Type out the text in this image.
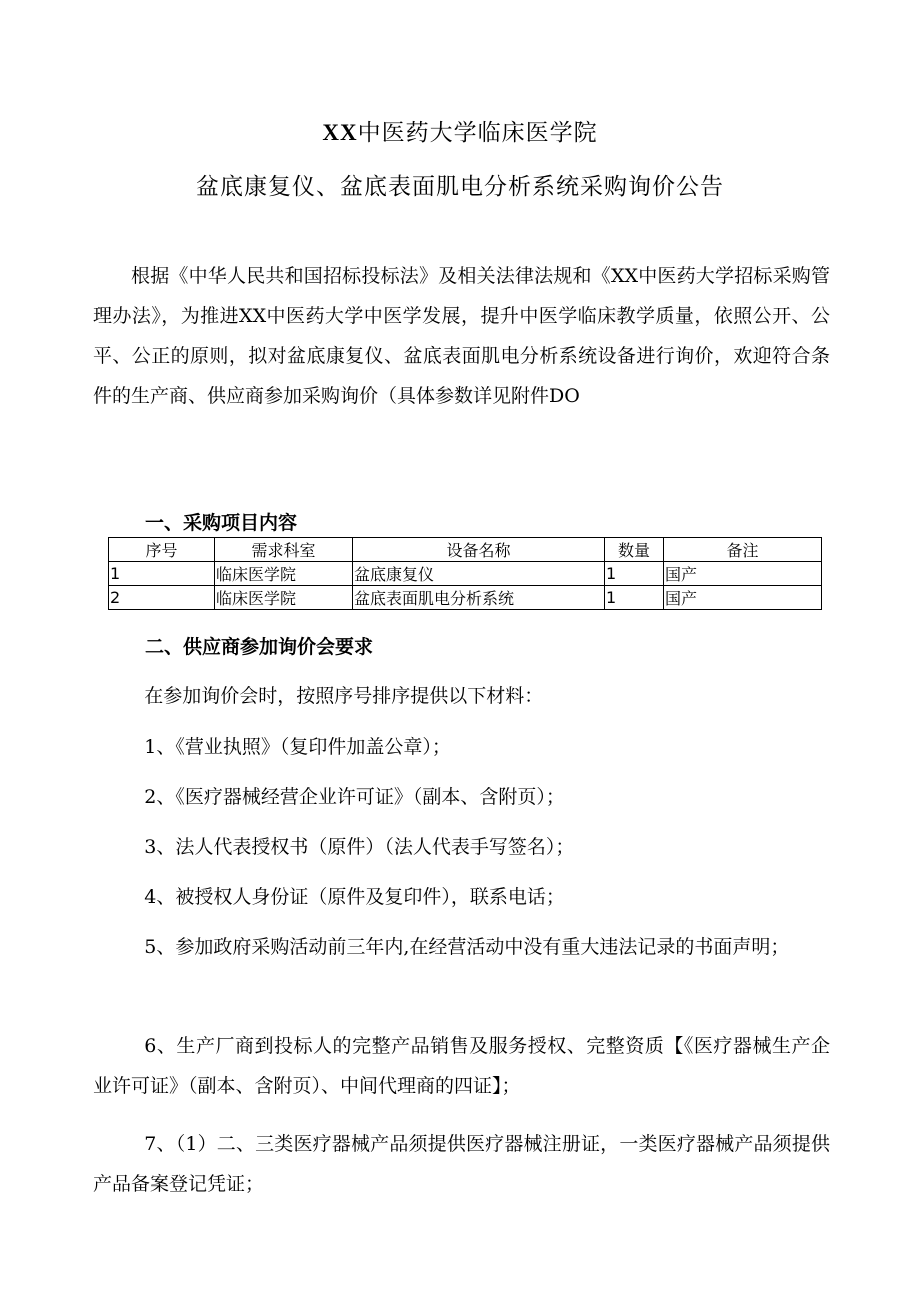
XX中医药大学临床医学院
盆底康复仪、盆底表面肌电分析系统采购询价公告
根据《中华人民共和国招标投标法》及相关法律法规和《XX中医药大学招标采购管理办法》，为推进XX中医药大学中医学发展，提升中医学临床教学质量，依照公开、公平、公正的原则，拟对盆底康复仪、盆底表面肌电分析系统设备进行询价，欢迎符合条件的生产商、供应商参加采购询价（具体参数详见附件DO
一、采购项目内容
序号	需求科室	设备名称	数量	备注
1	临床医学院	盆底康复仪	1	国产
2	临床医学院	盆底表面肌电分析系统	1	国产
二、供应商参加询价会要求
在参加询价会时，按照序号排序提供以下材料：
1、《营业执照》（复印件加盖公章）；
2、《医疗器械经营企业许可证》（副本、含附页）；
3、法人代表授权书（原件）（法人代表手写签名）；
4、被授权人身份证（原件及复印件），联系电话；
5、参加政府采购活动前三年内,在经营活动中没有重大违法记录的书面声明；
6、生产厂商到投标人的完整产品销售及服务授权、完整资质【《医疗器械生产企业许可证》（副本、含附页）、中间代理商的四证】；
7、（1）二、三类医疗器械产品须提供医疗器械注册证，一类医疗器械产品须提供产品备案登记凭证；
